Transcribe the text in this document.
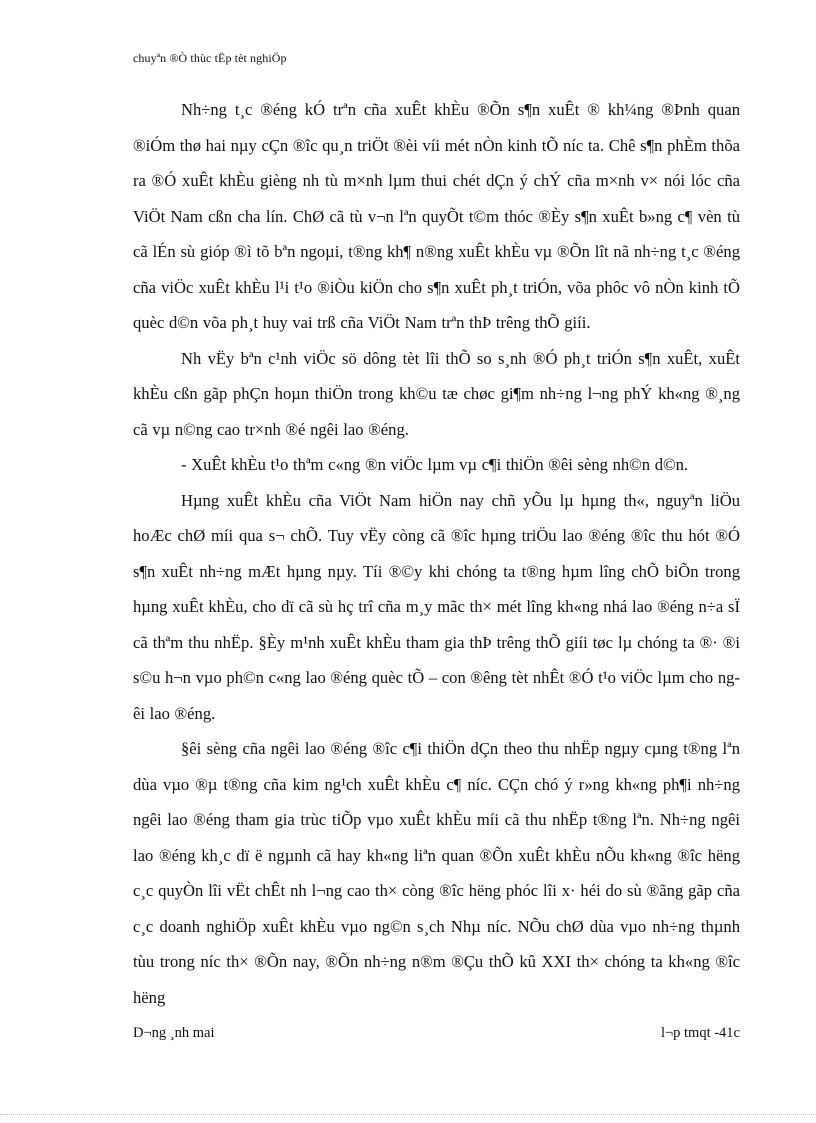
chuyªn ®Ò thùc tËp tèt nghiÖp

Nh÷ng t¸c ®éng kÓ trªn cña xuÊt khÈu ®Õn s¶n xuÊt ® kh¼ng ®Þnh quan ®iÓm thø hai nµy cÇn ®îc qu¸n triÖt ®èi víi mét nÒn kinh tÕ níc ta. Chê s¶n phÈm thõa ra ®Ó xuÊt khÈu gièng nh tù m×nh lµm thui chét dÇn ý chÝ cña m×nh v× nói lóc cña ViÖt Nam cßn cha lín. ChØ cã tù v¬n lªn quyÕt t©m thóc ®Èy s¶n xuÊt b»ng c¶ vèn tù cã lÉn sù gióp ®ì tõ bªn ngoµi, t®ng kh¶ n®ng xuÊt khÈu vµ ®Õn lît nã nh÷ng t¸c ®éng cña viÖc xuÊt khÈu l¹i t¹o ®iÒu kiÖn cho s¶n xuÊt ph¸t triÓn, võa phôc vô nÒn kinh tÕ quèc d©n võa ph¸t huy vai trß cña ViÖt Nam trªn thÞ trêng thÕ giíi.

Nh vËy bªn c¹nh viÖc sö dông tèt lîi thÕ so s¸nh ®Ó ph¸t triÓn s¶n xuÊt, xuÊt khÈu cßn gãp phÇn hoµn thiÖn trong kh©u tæ chøc gi¶m nh÷ng l¬ng phÝ kh«ng ®¸ng cã vµ n©ng cao tr×nh ®é ngêi lao ®éng.

- XuÊt khÈu t¹o thªm c«ng ®n viÖc lµm vµ c¶i thiÖn ®êi sèng nh©n d©n.

Hµng xuÊt khÈu cña ViÖt Nam hiÖn nay chñ yÕu lµ hµng th«, nguyªn liÖu hoÆc chØ míi qua s¬ chÕ. Tuy vËy còng cã ®îc hµng triÖu lao ®éng ®îc thu hót ®Ó s¶n xuÊt nh÷ng mÆt hµng nµy. Tíi ®©y khi chóng ta t®ng hµm lîng chÕ biÕn trong hµng xuÊt khÈu, cho dï cã sù hç trî cña m¸y mãc th× mét lîng kh«ng nhá lao ®éng n÷a sÏ cã thªm thu nhËp. §Èy m¹nh xuÊt khÈu tham gia thÞ trêng thÕ giíi tøc lµ chóng ta ®· ®i s©u h¬n vµo ph©n c«ng lao ®éng quèc tÕ – con ®êng tèt nhÊt ®Ó t¹o viÖc lµm cho ngêi lao ®éng.

§êi sèng cña ngêi lao ®éng ®îc c¶i thiÖn dÇn theo thu nhËp ngµy cµng t®ng lªn dùa vµo ®µ t®ng cña kim ng¹ch xuÊt khÈu c¶ níc. CÇn chó ý r»ng kh«ng ph¶i nh÷ng ngêi lao ®éng tham gia trùc tiÕp vµo xuÊt khÈu míi cã thu nhËp t®ng lªn. Nh÷ng ngêi lao ®éng kh¸c dï ë ngµnh cã hay kh«ng liªn quan ®Õn xuÊt khÈu nÕu kh«ng ®îc hëng c¸c quyÒn lîi vËt chÊt nh l¬ng cao th× còng ®îc hëng phóc lîi x· héi do sù ®ãng gãp cña c¸c doanh nghiÖp xuÊt khÈu vµo ng©n s¸ch Nhµ níc. NÕu chØ dùa vµo nh÷ng thµnh tùu trong níc th× ®Õn nay, ®Õn nh÷ng n®m ®Çu thÕ kû XXI th× chóng ta kh«ng ®îc hëng

D¬ng ¸nh mai	l¬p tmqt -41c
